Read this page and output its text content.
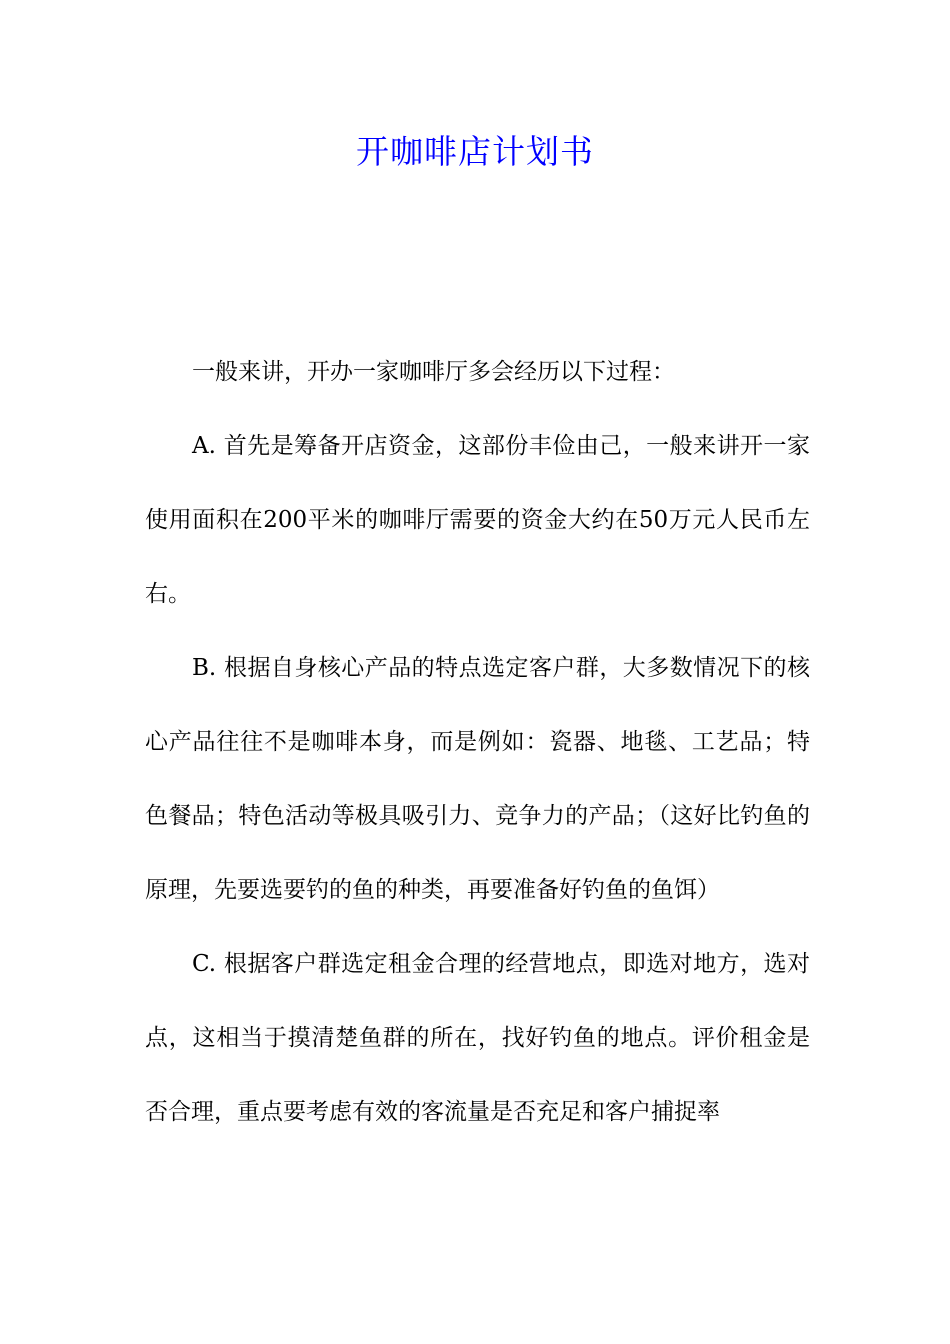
开咖啡店计划书

一般来讲，开办一家咖啡厅多会经历以下过程：

A. 首先是筹备开店资金，这部份丰俭由己，一般来讲开一家使用面积在200平米的咖啡厅需要的资金大约在50万元人民币左右。

B. 根据自身核心产品的特点选定客户群，大多数情况下的核心产品往往不是咖啡本身，而是例如：瓷器、地毯、工艺品；特色餐品；特色活动等极具吸引力、竞争力的产品；（这好比钓鱼的原理，先要选要钓的鱼的种类，再要准备好钓鱼的鱼饵）

C. 根据客户群选定租金合理的经营地点，即选对地方，选对点，这相当于摸清楚鱼群的所在，找好钓鱼的地点。评价租金是否合理，重点要考虑有效的客流量是否充足和客户捕捉率
